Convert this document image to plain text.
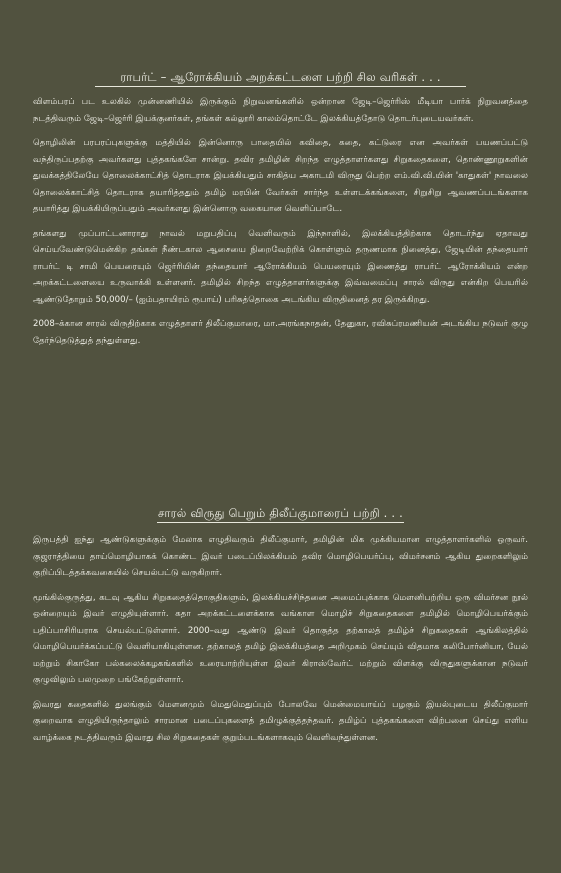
ராபர்ட் – ஆரோக்கியம் அறக்கட்டளை பற்றி சில வரிகள் . . .

விளம்பரப் பட உலகில் முன்னணியில் இருக்கும் நிறுவனங்களில் ஒன்றான ஜேடி–ஜெர்ரிஸ் மீடியா பார்க் நிறுவனத்தை நடத்திவரும் ஜேடி–ஜெர்ரி இயக்குனர்கள், தங்கள் கல்லூரி காலம்தொட்டே இலக்கியத்தோடு தொடர்புடையவர்கள்.

தொழிலின் பரபரப்புகளுக்கு மத்தியில் இன்னொரு பாதையில் கவிதை, கதை, கட்டுரை என அவர்கள் பயணப்பட்டு வந்திருப்பதற்கு அவர்களது புத்தகங்களே சான்று. தவிர தமிழின் சிறந்த எழுத்தாளர்களது சிறுகதைகளை, தொண்ணூறுகளின் துவக்கத்திலேயே தொலைக்காட்சித் தொடராக இயக்கியதும் சாகித்ய அகாடமி விருது பெற்ற எம்.வி.வி.யின் 'காதுகள்' நாவலை தொலைக்காட்சித் தொடராக தயாரித்ததும் தமிழ் மரபின் வேர்கள் சார்ந்த உள்ளடக்கங்களை, சிறுசிறு ஆவணப்படங்களாக தயாரித்து இயக்கியிருப்பதும் அவர்களது இன்னொரு வகையான வெளிப்பாடே.

தங்களது முப்பாட்டனாராது நாவல் மறுபதிப்பு வெளிவரும் இந்நாளில், இலக்கியத்திற்காக தொடர்ந்து ஏதாவது செய்யவேண்டுமென்கிற தங்கள் நீண்டகால ஆசையை நிறைவேற்றிக் கொள்ளும் தருணமாக நினைத்து, ஜேடியின் தந்தையார் ராபர்ட் டி சாமி பெயரையும் ஜெர்ரியின் தந்தையார் ஆரோக்கியம் பெயரையும் இணைத்து ராபர்ட் ஆரோக்கியம் என்ற அறக்கட்டளையை உருவாக்கி உள்ளனர். தமிழில் சிறந்த எழுத்தாளர்களுக்கு இவ்வமைப்பு சாரல் விருது என்கிற பெயரில் ஆண்டுதோறும் 50,000/– (ஐம்பதாயிரம் ரூபாய்) பரிசுத்தொகை அடங்கிய விருதினைத் தர இருக்கிறது.

2008–க்கான சாரல் விருதிற்காக எழுத்தாளர் திலீப்குமாரை, மா.அரங்கநாதன், தேனுகா, ரவிசுப்ரமணியன் அடங்கிய நடுவர் குழு தேர்ந்தெடுத்துத் தந்துள்ளது.

சாரல் விருது பெறும் திலீப்குமாரைப் பற்றி . . .

இருபத்தி ஐந்து ஆண்டுகளுக்கும் மேலாக எழுதிவரும் திலீப்குமார், தமிழின் மிக முக்கியமான எழுத்தாளர்களில் ஒருவர். குஜராத்தியை தாய்மொழியாகக் கொண்ட இவர் படைப்பிலக்கியம் தவிர மொழிபெயர்ப்பு, விமர்சனம் ஆகிய துறைகளிலும் குறிப்பிடத்தக்கவகையில் செயல்பட்டு வருகிறார்.

மூங்கில்குருத்து, கடவு ஆகிய சிறுகதைத்தொகுதிகளும், இலக்கியச்சிந்தனை அமைப்புக்காக மௌனிபற்றிய ஒரு விமர்சன நூல் ஒன்றையும் இவர் எழுதியுள்ளார். கதா அறக்கட்டளைக்காக வங்காள மொழிச் சிறுகதைகளை தமிழில் மொழிபெயர்க்கும் பதிப்பாசிரியராக செயல்பட்டுள்ளார். 2000–வது ஆண்டு இவர் தொகுத்த தற்காலத் தமிழ்ச் சிறுகதைகள் ஆங்கிலத்தில் மொழிபெயர்க்கப்பட்டு வெளியாகியுள்ளன. தற்காலத் தமிழ் இலக்கியத்தை அறிமுகம் செய்யும் விதமாக கலிபோர்னியா, யேல் மற்றும் சிகாகோ பல்கலைக்கழகங்களில் உரையாற்றியுள்ள இவர் கிராஸ்வேர்ட் மற்றும் விளக்கு விருதுகளுக்கான நடுவர் குழுவிலும் பலமுறை பங்கேற்றுள்ளார்.

இவரது கதைகளில் துலங்கும் மௌனமும் மெதுமெதுப்பும் போலவே மென்மையாய்ப் பழகும் இயல்புடைய திலீப்குமார் குறைவாக எழுதியிருந்தாலும் சாரமான படைப்புகளைத் தமிழுக்குத்தந்தவர். தமிழ்ப் புத்தகங்களை விற்பனை செய்து எளிய வாழ்க்கை நடத்திவரும் இவரது சில சிறுகதைகள் குறும்படங்களாகவும் வெளிவந்துள்ளன.
